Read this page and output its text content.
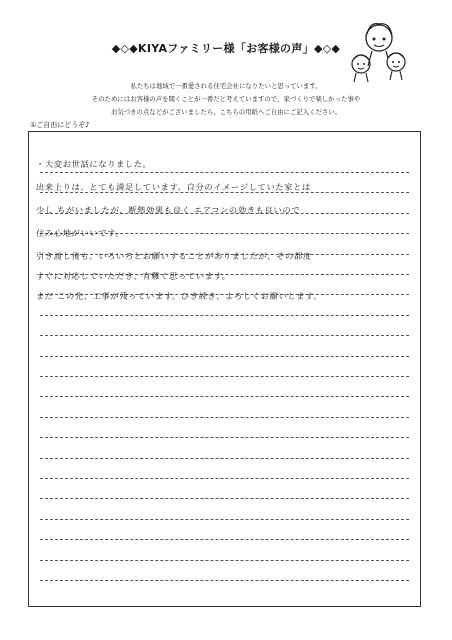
◆◇◆KIYAファミリー様「お客様の声」◆◇◆
私たちは地域で一番愛される住宅会社になりたいと思っています。
そのためにはお客様の声を聞くことが一番だと考えていますので、家づくりで楽しかった事や
お気づきの点などがございましたら、こちらの用紙へご自由にご記入ください。
①ご自由にどうぞ♪
・大変お世話になりました。
出来上りは、とても満足しています。自分のイメージしていた家とは
少し ちがいましたが、断熱効果も良く エアコンの効きも良いので
住み心地がいいです。
引き渡し後も、いろいろとお願いすることがありましたが、その都度
すぐに対応していただき、有難く思っています。
まだ この先、工事が残っています。ひき続き、よろしくお願いします。
